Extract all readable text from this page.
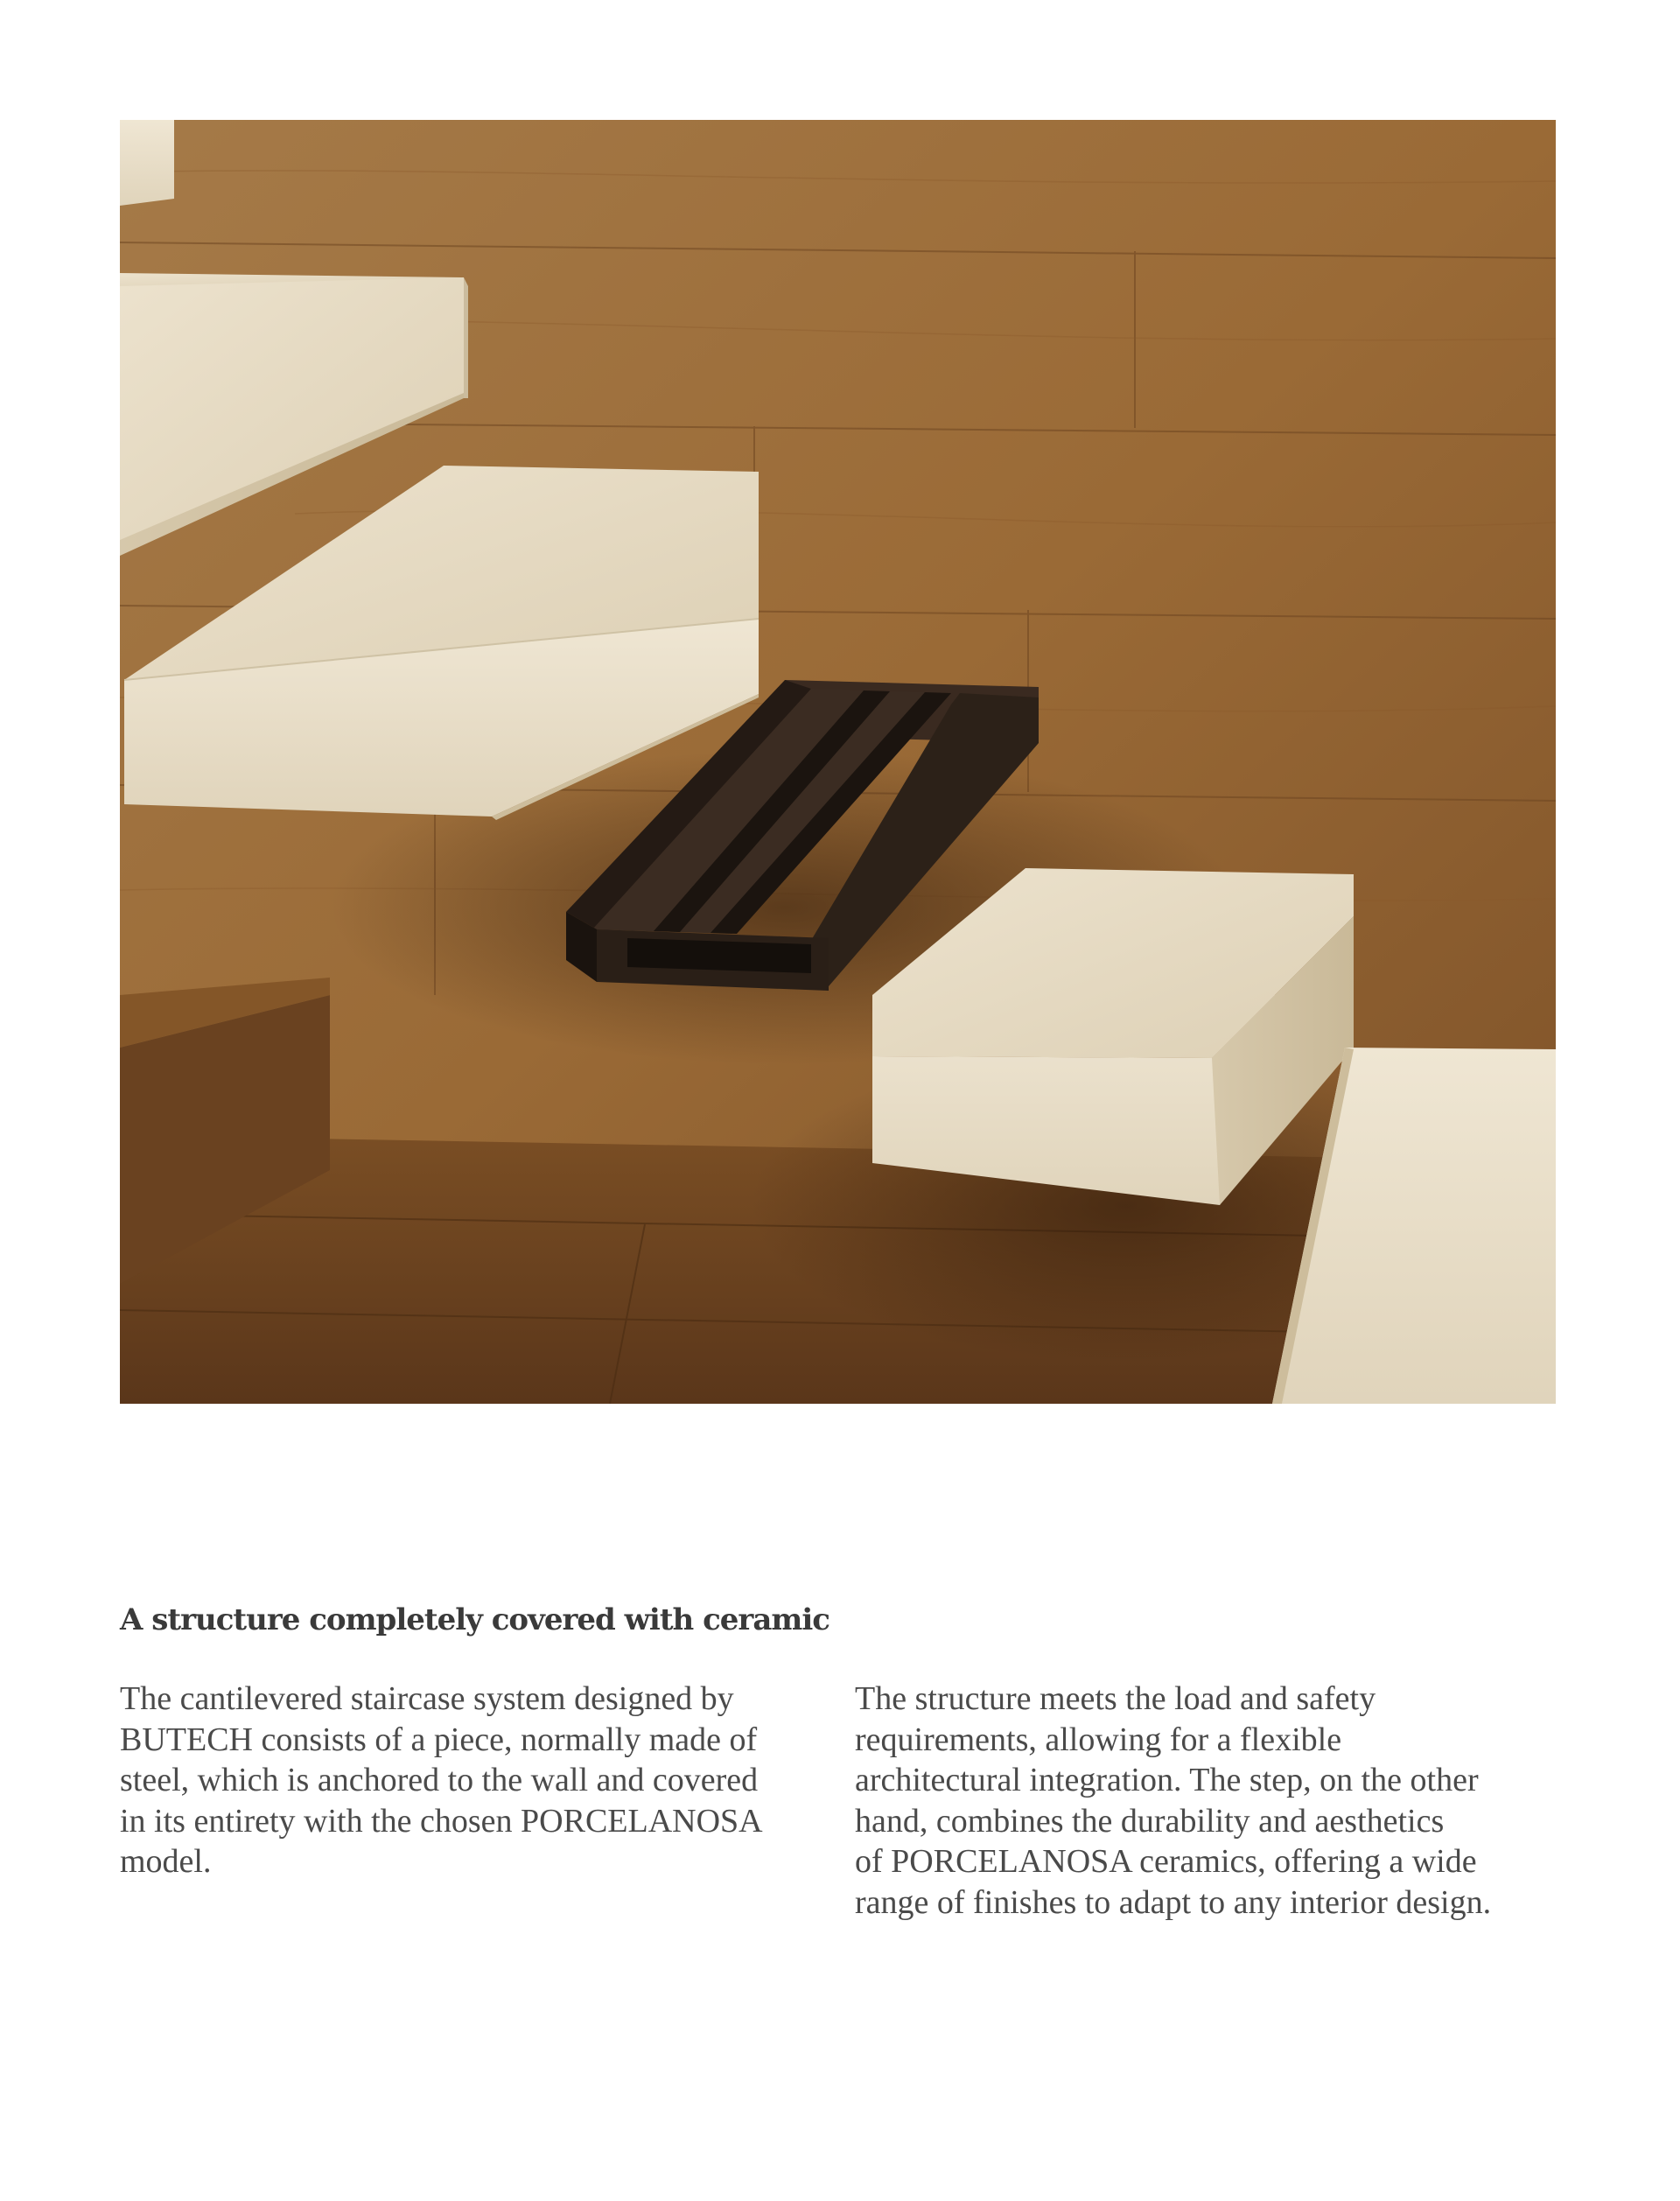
A structure completely covered with ceramic

The cantilevered staircase system designed by
BUTECH consists of a piece, normally made of
steel, which is anchored to the wall and covered
in its entirety with the chosen PORCELANOSA
model.

The structure meets the load and safety
requirements, allowing for a flexible
architectural integration. The step, on the other
hand, combines the durability and aesthetics
of PORCELANOSA ceramics, offering a wide
range of finishes to adapt to any interior design.
